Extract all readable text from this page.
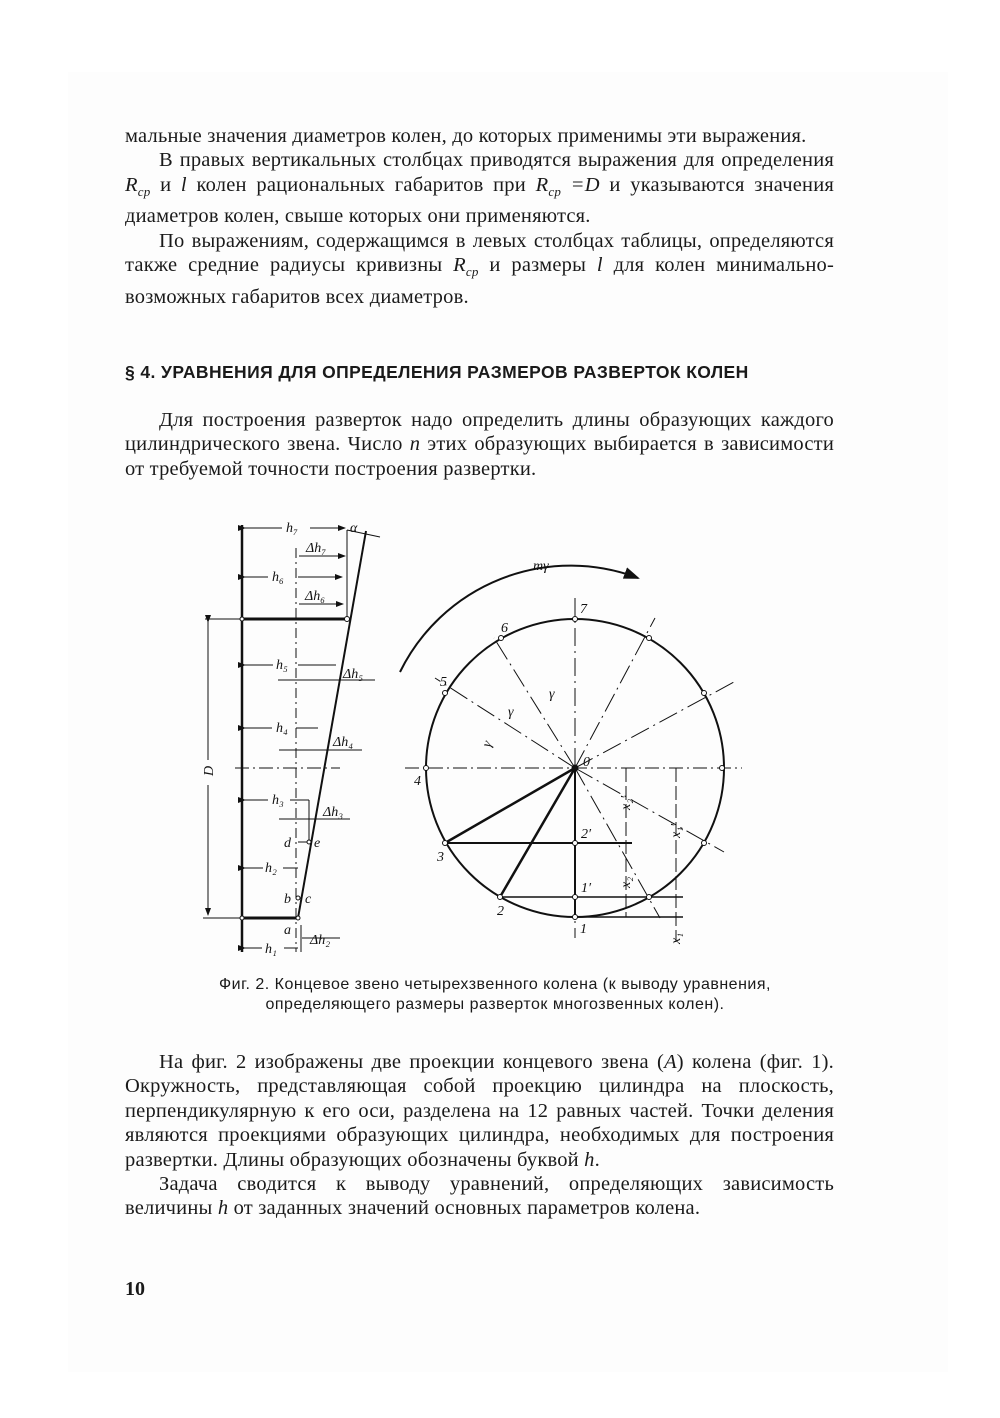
мальные значения диаметров колен, до которых применимы эти выражения.

В правых вертикальных столбцах приводятся выражения для определения $R_{ср}$ и l колен рациональных габаритов при $R_{ср} =D$ и указываются значения диаметров колен, свыше которых они применяются.

По выражениям, содержащимся в левых столбцах таблицы, определяются также средние радиусы кривизны $R_{ср}$ и размеры l для колен минимально-возможных габаритов всех диаметров.

§ 4. УРАВНЕНИЯ ДЛЯ ОПРЕДЕЛЕНИЯ РАЗМЕРОВ РАЗВЕРТОК КОЛЕН

Для построения разверток надо определить длины образующих каждого цилиндрического звена. Число n этих образующих выбирается в зависимости от требуемой точности построения развертки.

h₇	α
Δh₇
h₆
Δh₆
h₅
Δh₅
h₄
Δh₄
h₃
Δh₃
d e
h₂
b c
a
Δh₂
h₁
D
mγ
7
6
5
4
3
2
1
0
2′
1′
γ
γ
γ
x₂′
x₁′
x₂
x₁
Фиг. 2. Концевое звено четырехзвенного колена (к выводу уравнения,
определяющего размеры разверток многозвенных колен).

На фиг. 2 изображены две проекции концевого звена (A) колена (фиг. 1). Окружность, представляющая собой проекцию цилиндра на плоскость, перпендикулярную к его оси, разделена на 12 равных частей. Точки деления являются проекциями образующих цилиндра, необходимых для построения развертки. Длины образующих обозначены буквой h.

Задача сводится к выводу уравнений, определяющих зависимость величины h от заданных значений основных параметров колена.

10
